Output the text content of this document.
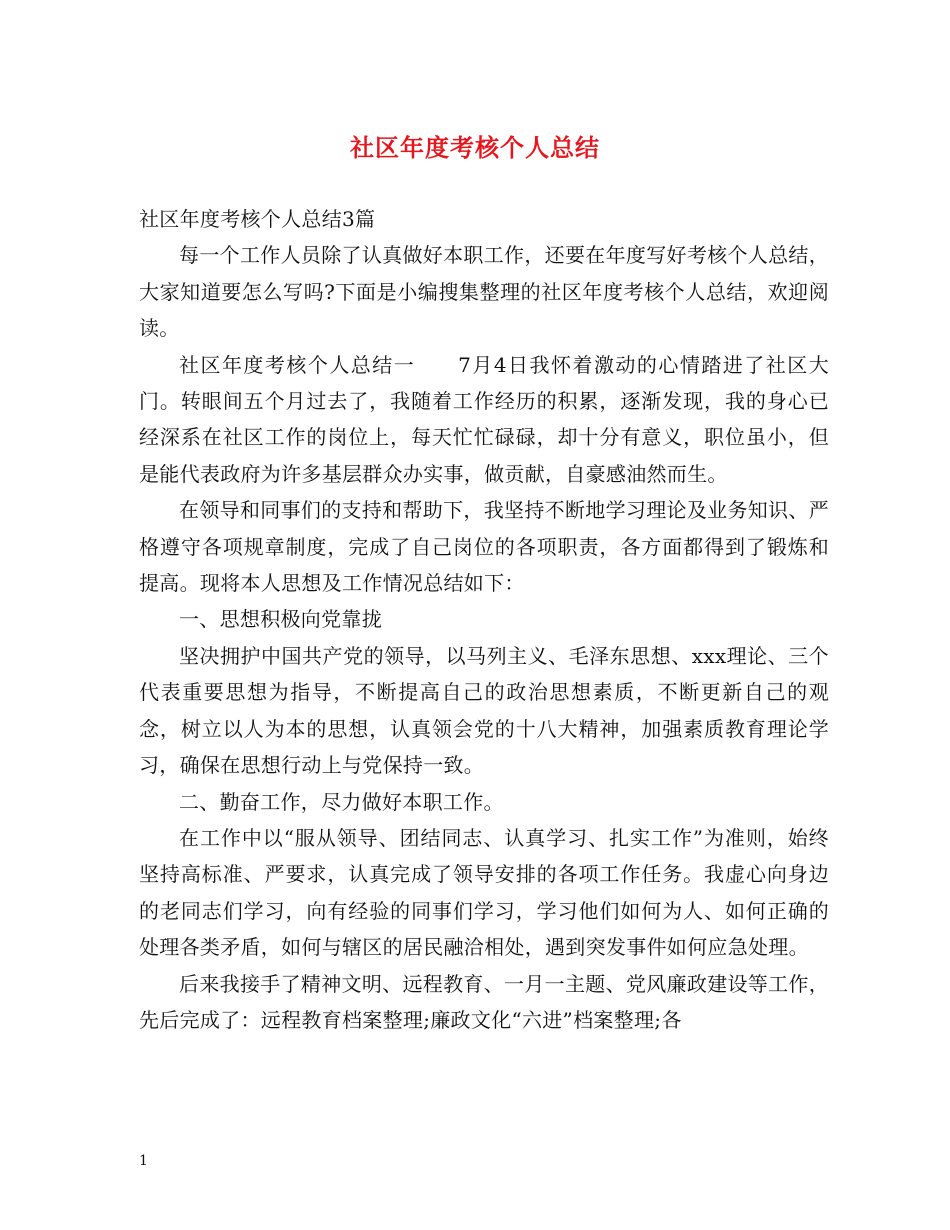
社区年度考核个人总结

社区年度考核个人总结3篇

每一个工作人员除了认真做好本职工作，还要在年度写好考核个人总结，大家知道要怎么写吗?下面是小编搜集整理的社区年度考核个人总结，欢迎阅读。

社区年度考核个人总结一　　7月4日我怀着激动的心情踏进了社区大门。转眼间五个月过去了，我随着工作经历的积累，逐渐发现，我的身心已经深系在社区工作的岗位上，每天忙忙碌碌，却十分有意义，职位虽小，但是能代表政府为许多基层群众办实事，做贡献，自豪感油然而生。

在领导和同事们的支持和帮助下，我坚持不断地学习理论及业务知识、严格遵守各项规章制度，完成了自己岗位的各项职责，各方面都得到了锻炼和提高。现将本人思想及工作情况总结如下：

一、思想积极向党靠拢

坚决拥护中国共产党的领导，以马列主义、毛泽东思想、xxx理论、三个代表重要思想为指导，不断提高自己的政治思想素质，不断更新自己的观念，树立以人为本的思想，认真领会党的十八大精神，加强素质教育理论学习，确保在思想行动上与党保持一致。

二、勤奋工作，尽力做好本职工作。

在工作中以“服从领导、团结同志、认真学习、扎实工作”为准则，始终坚持高标准、严要求，认真完成了领导安排的各项工作任务。我虚心向身边的老同志们学习，向有经验的同事们学习，学习他们如何为人、如何正确的处理各类矛盾，如何与辖区的居民融洽相处，遇到突发事件如何应急处理。

后来我接手了精神文明、远程教育、一月一主题、党风廉政建设等工作，先后完成了：远程教育档案整理;廉政文化“六进”档案整理;各

1
